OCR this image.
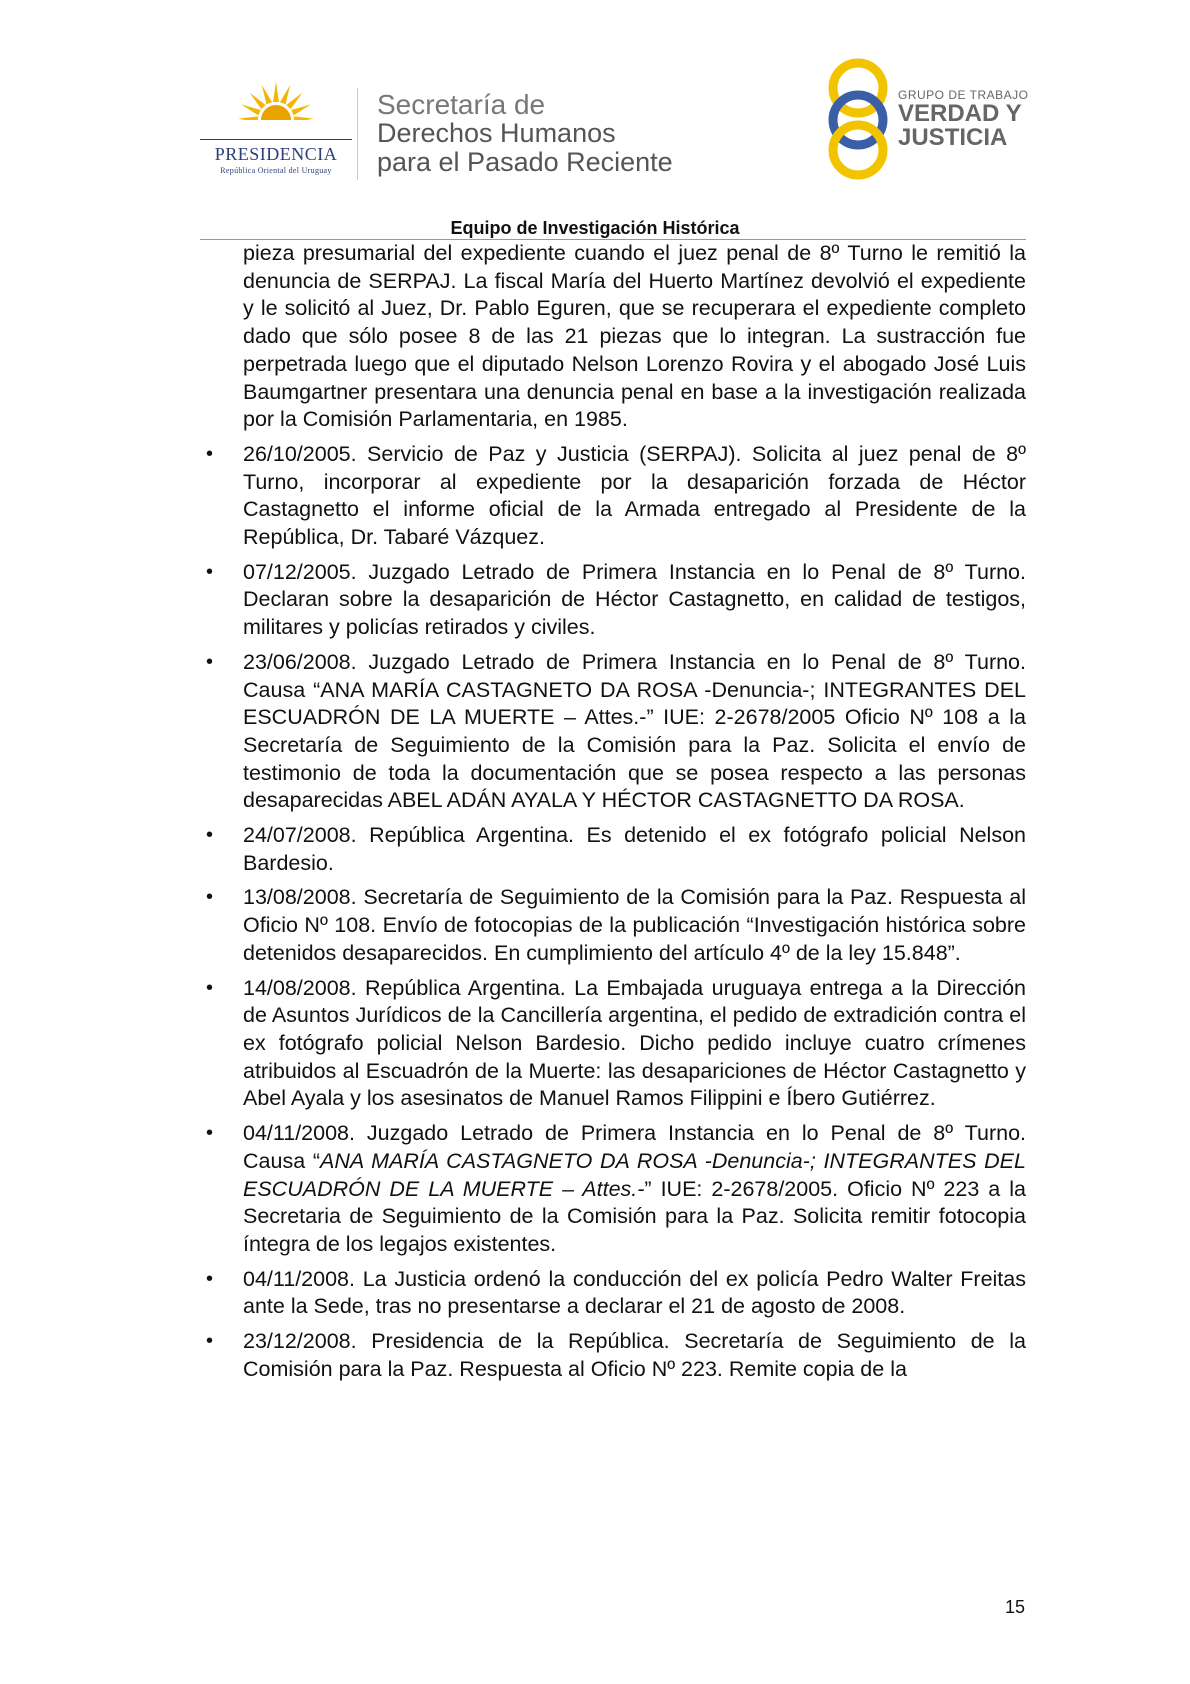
PRESIDENCIA
República Oriental del Uruguay
Secretaría de
Derechos Humanos
para el Pasado Reciente
GRUPO DE TRABAJO
VERDAD Y
JUSTICIA
Equipo de Investigación Histórica

pieza presumarial del expediente cuando el juez penal de 8º Turno le remitió la denuncia de SERPAJ. La fiscal María del Huerto Martínez devolvió el expediente y le solicitó al Juez, Dr. Pablo Eguren, que se recuperara el expediente completo dado que sólo posee 8 de las 21 piezas que lo integran. La sustracción fue perpetrada luego que el diputado Nelson Lorenzo Rovira y el abogado José Luis Baumgartner presentara una denuncia penal en base a la investigación realizada por la Comisión Parlamentaria, en 1985.

• 26/10/2005. Servicio de Paz y Justicia (SERPAJ). Solicita al juez penal de 8º Turno, incorporar al expediente por la desaparición forzada de Héctor Castagnetto el informe oficial de la Armada entregado al Presidente de la República, Dr. Tabaré Vázquez.

• 07/12/2005. Juzgado Letrado de Primera Instancia en lo Penal de 8º Turno. Declaran sobre la desaparición de Héctor Castagnetto, en calidad de testigos, militares y policías retirados y civiles.

• 23/06/2008. Juzgado Letrado de Primera Instancia en lo Penal de 8º Turno. Causa “ANA MARÍA CASTAGNETO DA ROSA -Denuncia-; INTEGRANTES DEL ESCUADRÓN DE LA MUERTE – Attes.-” IUE: 2-2678/2005 Oficio Nº 108 a la Secretaría de Seguimiento de la Comisión para la Paz. Solicita el envío de testimonio de toda la documentación que se posea respecto a las personas desaparecidas ABEL ADÁN AYALA Y HÉCTOR CASTAGNETTO DA ROSA.

• 24/07/2008. República Argentina. Es detenido el ex fotógrafo policial Nelson Bardesio.

• 13/08/2008. Secretaría de Seguimiento de la Comisión para la Paz. Respuesta al Oficio Nº 108. Envío de fotocopias de la publicación “Investigación histórica sobre detenidos desaparecidos. En cumplimiento del artículo 4º de la ley 15.848”.

• 14/08/2008. República Argentina. La Embajada uruguaya entrega a la Dirección de Asuntos Jurídicos de la Cancillería argentina, el pedido de extradición contra el ex fotógrafo policial Nelson Bardesio. Dicho pedido incluye cuatro crímenes atribuidos al Escuadrón de la Muerte: las desapariciones de Héctor Castagnetto y Abel Ayala y los asesinatos de Manuel Ramos Filippini e Íbero Gutiérrez.

• 04/11/2008. Juzgado Letrado de Primera Instancia en lo Penal de 8º Turno. Causa “ANA MARÍA CASTAGNETO DA ROSA -Denuncia-; INTEGRANTES DEL ESCUADRÓN DE LA MUERTE – Attes.-” IUE: 2-2678/2005. Oficio Nº 223 a la Secretaria de Seguimiento de la Comisión para la Paz. Solicita remitir fotocopia íntegra de los legajos existentes.

• 04/11/2008. La Justicia ordenó la conducción del ex policía Pedro Walter Freitas ante la Sede, tras no presentarse a declarar el 21 de agosto de 2008.

• 23/12/2008. Presidencia de la República. Secretaría de Seguimiento de la Comisión para la Paz. Respuesta al Oficio Nº 223. Remite copia de la

15
